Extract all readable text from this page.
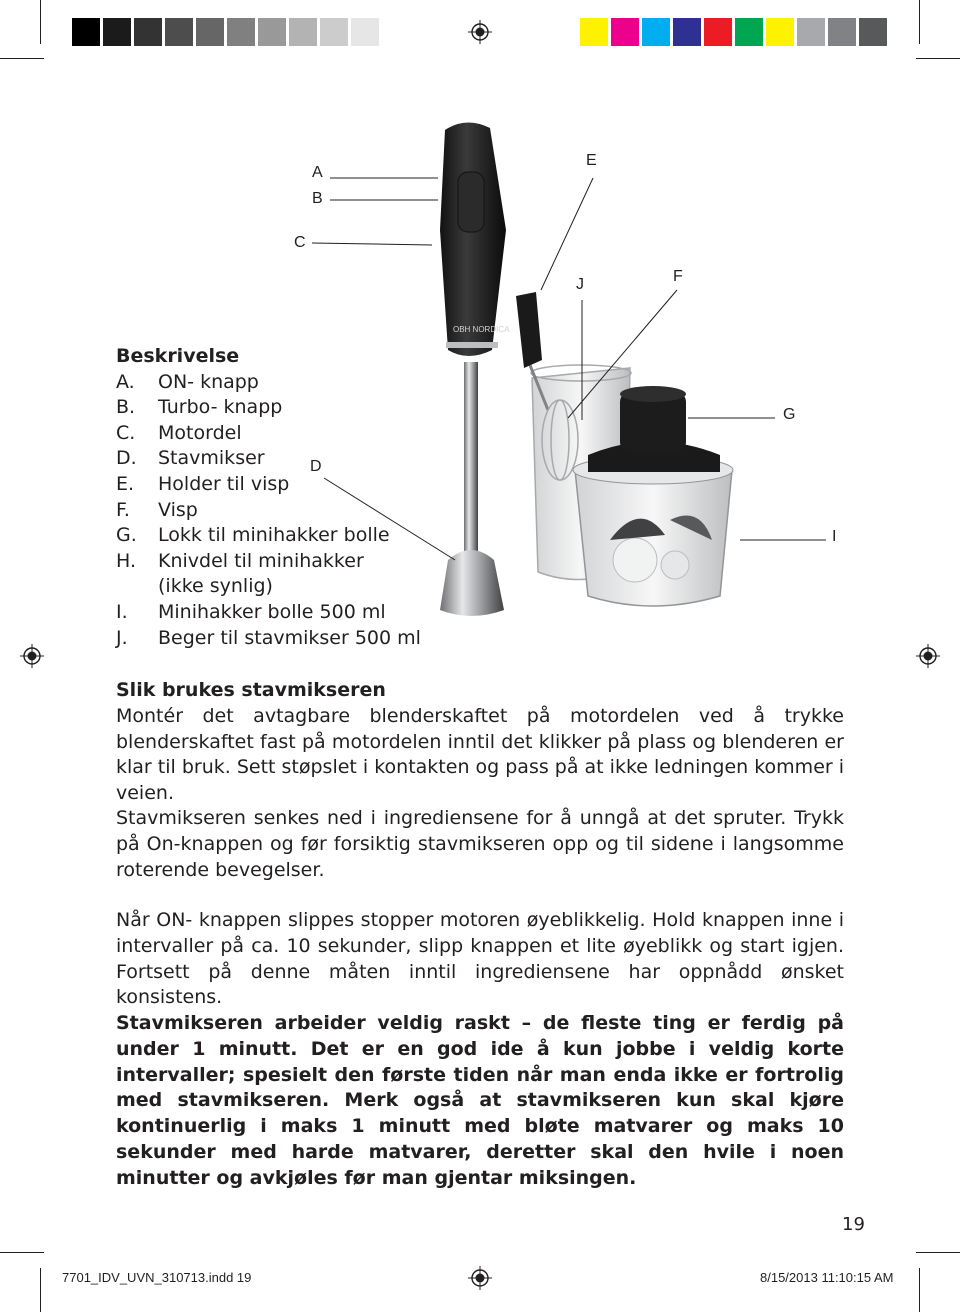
OBH NORDICA
A
B
C
D
E
F
G
I
J
Beskrivelse
A.	ON- knapp
B.	Turbo- knapp
C.	Motordel
D.	Stavmikser
E.	Holder til visp
F.	Visp
G.	Lokk til minihakker bolle
H.	Knivdel til minihakker
(ikke synlig)
I.	Minihakker bolle 500 ml
J.	Beger til stavmikser 500 ml
Slik brukes stavmikseren
Montér det avtagbare blenderskaftet på motordelen ved å trykke blenderskaftet fast på motordelen inntil det klikker på plass og blenderen er klar til bruk. Sett støpslet i kontakten og pass på at ikke ledningen kommer i veien.
Stavmikseren senkes ned i ingrediensene for å unngå at det spruter. Trykk på On-knappen og før forsiktig stavmikseren opp og til sidene i langsomme roterende bevegelser.
Når ON- knappen slippes stopper motoren øyeblikkelig. Hold knappen inne i intervaller på ca. 10 sekunder, slipp knappen et lite øyeblikk og start igjen. Fortsett på denne måten inntil ingrediensene har oppnådd ønsket konsistens.
Stavmikseren arbeider veldig raskt – de fleste ting er ferdig på under 1 minutt. Det er en god ide å kun jobbe i veldig korte intervaller; spesielt den første tiden når man enda ikke er fortrolig med stavmikseren. Merk også at stavmikseren kun skal kjøre kontinuerlig i maks 1 minutt med bløte matvarer og maks 10 sekunder med harde matvarer, deretter skal den hvile i noen minutter og avkjøles før man gjentar miksingen.
19
7701_IDV_UVN_310713.indd 19	8/15/2013 11:10:15 AM
